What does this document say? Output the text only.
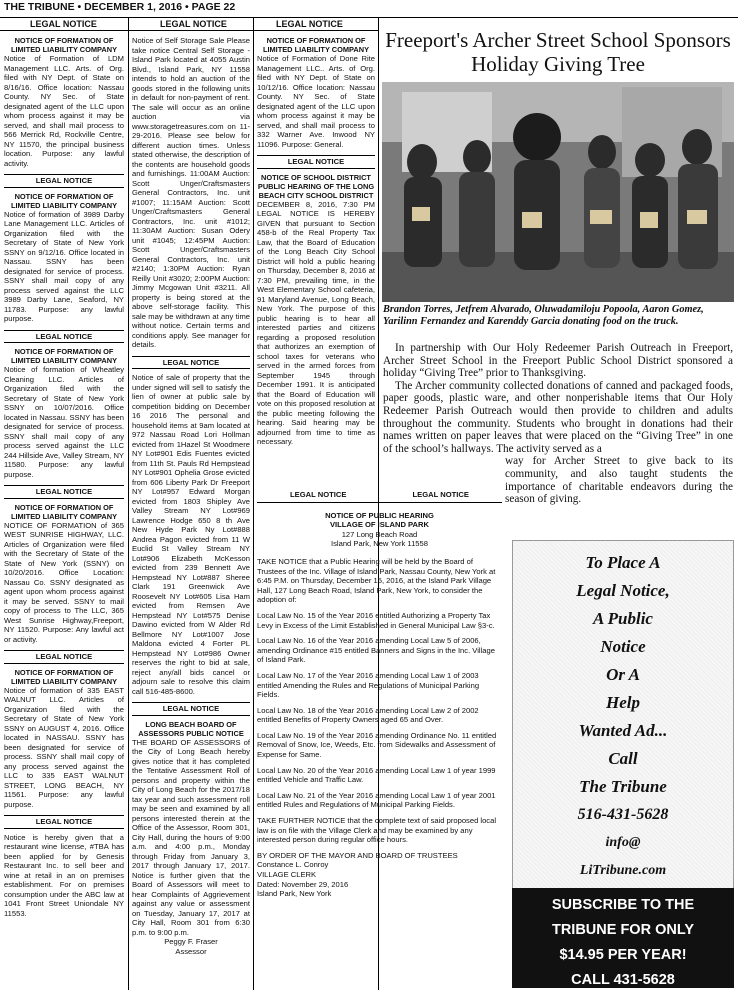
THE TRIBUNE • DECEMBER 1, 2016 • PAGE 22
LEGAL NOTICE	LEGAL NOTICE	LEGAL NOTICE
NOTICE OF FORMATION OF LIMITED LIABILITY COMPANY
Notice of Formation of LDM Management LLC. Arts. of Org. filed with NY Dept. of State on 8/16/16. Office location: Nassau County. NY Sec. of State designated agent of the LLC upon whom process against it may be served, and shall mail process to 566 Merrick Rd, Rockville Centre, NY 11570, the principal business location. Purpose: any lawful activity.
LEGAL NOTICE
NOTICE OF FORMATION OF LIMITED LIABILITY COMPANY
Notice of formation of 3989 Darby Lane Management LLC. Articles of Organization filed with the Secretary of State of New York SSNY on 9/12/16. Office located in Nassau. SSNY has been designated for service of process. SSNY shall mail copy of any process served against the LLC 3989 Darby Lane, Seaford, NY 11783. Purpose: any lawful purpose.
LEGAL NOTICE
NOTICE OF FORMATION OF LIMITED LIABILITY COMPANY
Notice of formation of Wheatley Cleaning LLC. Articles of Organization filed with the Secretary of State of New York SSNY on 10/07/2016. Office located in Nassau. SSNY has been designated for service of process. SSNY shall mail copy of any process served against the LLC 244 Hillside Ave, Valley Stream, NY 11580. Purpose: any lawful purpose.
LEGAL NOTICE
NOTICE OF FORMATION OF LIMITED LIABILITY COMPANY
NOTICE OF FORMATION of 365 WEST SUNRISE HIGHWAY, LLC. Articles of Organization were filed with the Secretary of State of the State of New York (SSNY) on 10/20/2016. Office Location: Nassau Co. SSNY designated as agent upon whom process against it may be served. SSNY to mail copy of process to The LLC, 365 West Sunrise Highway,Freeport, NY 11520. Purpose: Any lawful act or activity.
LEGAL NOTICE
NOTICE OF FORMATION OF LIMITED LIABILITY COMPANY
Notice of formation of 335 EAST WALNUT LLC. Articles of Organization filed with the Secretary of State of New York SSNY on AUGUST 4, 2016. Office located in NASSAU. SSNY has been designated for service of process. SSNY shall mail copy of any process served against the LLC to 335 EAST WALNUT STREET, LONG BEACH, NY 11561. Purpose: any lawful purpose.
LEGAL NOTICE
Notice is hereby given that a restaurant wine license, #TBA has been applied for by Genesis Restaurant Inc. to sell beer and wine at retail in an on premises establishment. For on premises consumption under the ABC law at 1041 Front Street Uniondale NY 11553.
Notice of Self Storage Sale Please take notice Central Self Storage - Island Park located at 4055 Austin Blvd., Island Park, NY 11558 intends to hold an auction of the goods stored in the following units in default for non-payment of rent. The sale will occur as an online auction via www.storagetreasures.com on 11-29-2016. Please see below for different auction times. Unless stated otherwise, the description of the contents are household goods and furnishings. 11:00AM Auction: Scott Unger/Craftsmasters General Contractors, Inc. unit #1007; 11:15AM Auction: Scott Unger/Craftsmasters General Contractors, Inc. unit #1012; 11:30AM Auction: Susan Odery unit #1045; 12:45PM Auction: Scott Unger/Craftsmasters General Contractors, Inc. unit #2140; 1:30PM Auction: Ryan Reilly Unit #3020; 2:00PM Auction: Jimmy Mcgowan Unit #3211. All property is being stored at the above self-storage facility. This sale may be withdrawn at any time without notice. Certain terms and conditions apply. See manager for details.
LEGAL NOTICE
Notice of sale of property that the under signed will sell to satisfy the lien of owner at public sale by competition bidding on December 16 2016 The personal and household items at 9am located at 972 Nassau Road Lori Hollman evicted from 1Hazel St Woodmere NY Lot#901 Edis Fuentes evicted from 11th St. Pauls Rd Hempstead NY Lot#901 Ophelia Grose evicted from 606 Liberty Park Dr Freeport NY Lot#957 Edward Morgan evicted from 1803 Shipley Ave Valley Stream NY Lot#969 Lawrence Hodge 650 8 th Ave New Hyde Park Ny Lot#888 Andrea Pagon evicted from 11 W Euclid St Valley Stream NY Lot#906 Elizabeth McKesson evicted from 239 Bennett Ave Hempstead NY Lot#887 Sheree Clark 191 Greenwick Ave Roosevelt NY Lot#605 Lisa Ham evicted from Remsen Ave Hempstead NY Lot#575 Denise Dawino evicted from W Alder Rd Bellmore NY Lot#1007 Jose Maldona evicted 4 Forter PL Hempstead NY Lot#986 Owner reserves the right to bid at sale, reject any/all bids cancel or adjourn sale to resolve this claim call 516-485-8600.
LEGAL NOTICE
LONG BEACH BOARD OF ASSESSORS PUBLIC NOTICE
THE BOARD OF ASSESSORS of the City of Long Beach hereby gives notice that it has completed the Tentative Assessment Roll of persons and property within the City of Long Beach for the 2017/18 tax year and such assessment roll may be seen and examined by all persons interested therein at the Office of the Assessor, Room 301, City Hall, during the hours of 9:00 a.m. and 4:00 p.m., Monday through Friday from January 3, 2017 through January 17, 2017. Notice is further given that the Board of Assessors will meet to hear Complaints of Aggrievement against any value or assessment on Tuesday, January 17, 2017 at City Hall, Room 301 from 6:30 p.m. to 9:00 p.m.
Peggy F. Fraser
Assessor
NOTICE OF FORMATION OF LIMITED LIABILITY COMPANY
Notice of Formation of Done Rite Management LLC.. Arts. of Org. filed with NY Dept. of State on 10/12/16. Office location: Nassau County. NY Sec. of State designated agent of the LLC upon whom process against it may be served, and shall mail process to 332 Warner Ave. Inwood NY 11096. Purpose: General.
LEGAL NOTICE
NOTICE OF SCHOOL DISTRICT PUBLIC HEARING OF THE LONG BEACH CITY SCHOOL DISTRICT
DECEMBER 8, 2016, 7:30 PM LEGAL NOTICE IS HEREBY GIVEN that pursuant to Section 458-b of the Real Property Tax Law, that the Board of Education of the Long Beach City School District will hold a public hearing on Thursday, December 8, 2016 at 7:30 PM, prevailing time, in the West Elementary School cafeteria, 91 Maryland Avenue, Long Beach, New York. The purpose of this public hearing is to hear all interested parties and citizens regarding a proposed resolution that authorizes an exemption of school taxes for veterans who served in the armed forces from September 1945 through December 1991. It is anticipated that the Board of Education will vote on this proposed resolution at the public meeting following the hearing. Said hearing may be adjourned from time to time as necessary.
LEGAL NOTICE	LEGAL NOTICE
NOTICE OF PUBLIC HEARING
VILLAGE OF ISLAND PARK
127 Long Beach Road
Island Park, New York 11558

TAKE NOTICE that a Public Hearing will be held by the Board of Trustees of the Inc. Village of Island Park, Nassau County, New York at 6:45 P.M. on Thursday, December 15, 2016, at the Island Park Village Hall, 127 Long Beach Road, Island Park, New York, to consider the adoption of:

Local Law No. 15 of the Year 2016 entitled Authorizing a Property Tax Levy in Excess of the Limit Established in General Municipal Law §3-c.

Local Law No. 16 of the Year 2016 amending Local Law 5 of 2006, amending Ordinance #15 entitled Banners and Signs in the Inc. Village of Island Park.

Local Law No. 17 of the Year 2016 amending Local Law 1 of 2003 entitled Amending the Rules and Regulations of Municipal Parking Fields.

Local Law No. 18 of the Year 2016 amending Local Law 2 of 2002 entitled Benefits of Property Owners aged 65 and Over.

Local Law No. 19 of the Year 2016 amending Ordinance No. 11 entitled Removal of Snow, Ice, Weeds, Etc. from Sidewalks and Assessment of Expense for Same.

Local Law No. 20 of the Year 2016 amending Local Law 1 of year 1999 entitled Vehicle and Traffic Law.

Local Law No. 21 of the Year 2016 amending Local Law 1 of year 2001 entitled Rules and Regulations of Municipal Parking Fields.

TAKE FURTHER NOTICE that the complete text of said proposed local law is on file with the Village Clerk and may be examined by any interested person during regular office hours.

BY ORDER OF THE MAYOR AND BOARD OF TRUSTEES
Constance L. Conroy
VILLAGE CLERK
Dated: November 29, 2016
Island Park, New York
Freeport's Archer Street School Sponsors Holiday Giving Tree
Brandon Torres, Jetfrem Alvarado, Oluwadamiloju Popoola, Aaron Gomez, Yarilinn Fernandez and Karenddy Garcia donating food on the truck.

In partnership with Our Holy Redeemer Parish Outreach in Freeport, Archer Street School in the Freeport Public School District sponsored a holiday “Giving Tree” prior to Thanksgiving.

The Archer community collected donations of canned and packaged foods, paper goods, plastic ware, and other nonperishable items that Our Holy Redeemer Parish Outreach would then provide to children and adults throughout the community. Students who brought in donations had their names written on paper leaves that were placed on the “Giving Tree” in one of the school’s hallways. The activity served as a

way for Archer Street to give back to its community, and also taught students the importance of charitable endeavors during the season of giving.

To Place A
Legal Notice,
A Public
Notice
Or A
Help
Wanted Ad...
Call
The Tribune
516-431-5628
info@
LiTribune.com
SUBSCRIBE TO THE
TRIBUNE FOR ONLY
$14.95 PER YEAR!
CALL 431-5628
